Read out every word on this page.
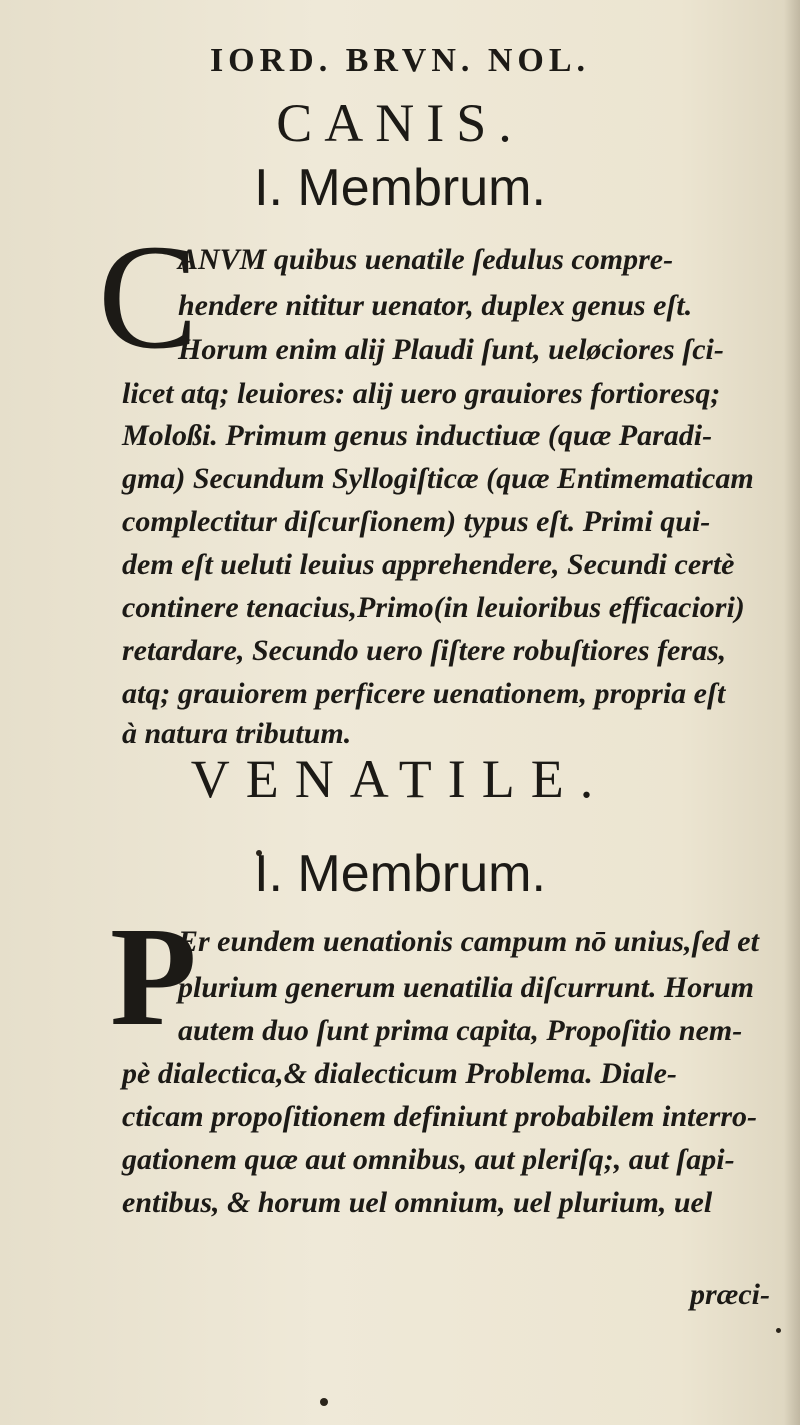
IORD. BRVN. NOL.
CANIS.
I. Membrum.
C
ANVM quibus uenatile ſedulus compre-
hendere nititur uenator, duplex genus eſt.
Horum enim alij Plaudi ſunt, ueløciores ſci-
licet atq; leuiores: alij uero grauiores fortioresq;
Moloßi. Primum genus inductiuæ (quæ Paradi-
gma) Secundum Syllogiſticæ (quæ Entimematicam
complectitur diſcurſionem) typus eſt. Primi qui-
dem eſt ueluti leuius apprehendere, Secundi certè
continere tenacius,Primo(in leuioribus efficaciori)
retardare, Secundo uero ſiſtere robuſtiores feras,
atq; grauiorem perficere uenationem, propria eſt
à natura tributum.
VENATILE.
I. Membrum.
P
Er eundem uenationis campum nō unius,ſed et
plurium generum uenatilia diſcurrunt. Horum
autem duo ſunt prima capita, Propoſitio nem-
pè dialectica,& dialecticum Problema. Diale-
cticam propoſitionem definiunt probabilem interro-
gationem quæ aut omnibus, aut pleriſq;, aut ſapi-
entibus, & horum uel omnium, uel plurium, uel
præci-
